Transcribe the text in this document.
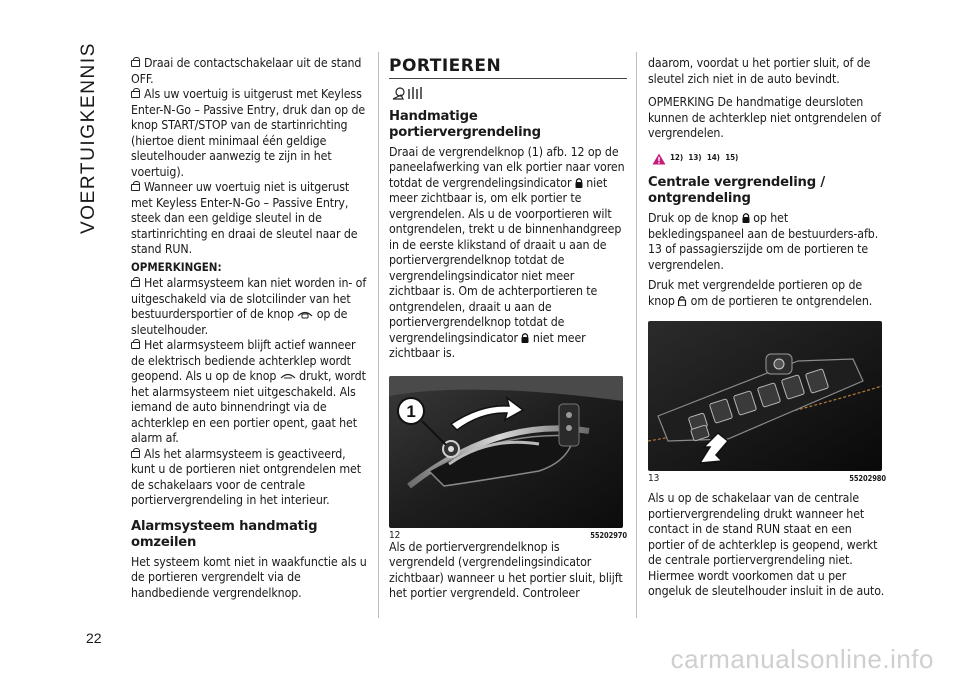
VOERTUIGKENNIS
22

Draai de contactschakelaar uit de stand OFF.

Als uw voertuig is uitgerust met Keyless Enter-N-Go – Passive Entry, druk dan op de knop START/STOP van de startinrichting (hiertoe dient minimaal één geldige sleutelhouder aanwezig te zijn in het voertuig).

Wanneer uw voertuig niet is uitgerust met Keyless Enter-N-Go – Passive Entry, steek dan een geldige sleutel in de startinrichting en draai de sleutel naar de stand RUN.

OPMERKINGEN:

Het alarmsysteem kan niet worden in- of uitgeschakeld via de slotcilinder van het bestuurdersportier of de knop op de sleutelhouder.

Het alarmsysteem blijft actief wanneer de elektrisch bediende achterklep wordt geopend. Als u op de knop drukt, wordt het alarmsysteem niet uitgeschakeld. Als iemand de auto binnendringt via de achterklep en een portier opent, gaat het alarm af.

Als het alarmsysteem is geactiveerd, kunt u de portieren niet ontgrendelen met de schakelaars voor de centrale portiervergrendeling in het interieur.

Alarmsysteem handmatig omzeilen

Het systeem komt niet in waakfunctie als u de portieren vergrendelt via de handbediende vergrendelknop.

PORTIEREN
Handmatige portiervergrendeling

Draai de vergrendelknop (1) afb. 12 op de paneelafwerking van elk portier naar voren totdat de vergrendelingsindicator niet meer zichtbaar is, om elk portier te vergrendelen. Als u de voorportieren wilt ontgrendelen, trekt u de binnenhandgreep in de eerste klikstand of draait u aan de portiervergrendelknop totdat de vergrendelingsindicator niet meer zichtbaar is. Om de achterportieren te ontgrendelen, draait u aan de portiervergrendelknop totdat de vergrendelingsindicator niet meer zichtbaar is.

1
12	55202970

Als de portiervergrendelknop is vergrendeld (vergrendelingsindicator zichtbaar) wanneer u het portier sluit, blijft het portier vergrendeld. Controleer

daarom, voordat u het portier sluit, of de sleutel zich niet in de auto bevindt.

OPMERKING De handmatige deursloten kunnen de achterklep niet ontgrendelen of vergrendelen.

12) 13) 14) 15)
Centrale vergrendeling / ontgrendeling

Druk op de knop op het bekledingspaneel aan de bestuurders-afb. 13 of passagierszijde om de portieren te vergrendelen.

Druk met vergrendelde portieren op de knop om de portieren te ontgrendelen.

13	55202980

Als u op de schakelaar van de centrale portiervergrendeling drukt wanneer het contact in de stand RUN staat en een portier of de achterklep is geopend, werkt de centrale portiervergrendeling niet. Hiermee wordt voorkomen dat u per ongeluk de sleutelhouder insluit in de auto.

carmanualsonline.info
